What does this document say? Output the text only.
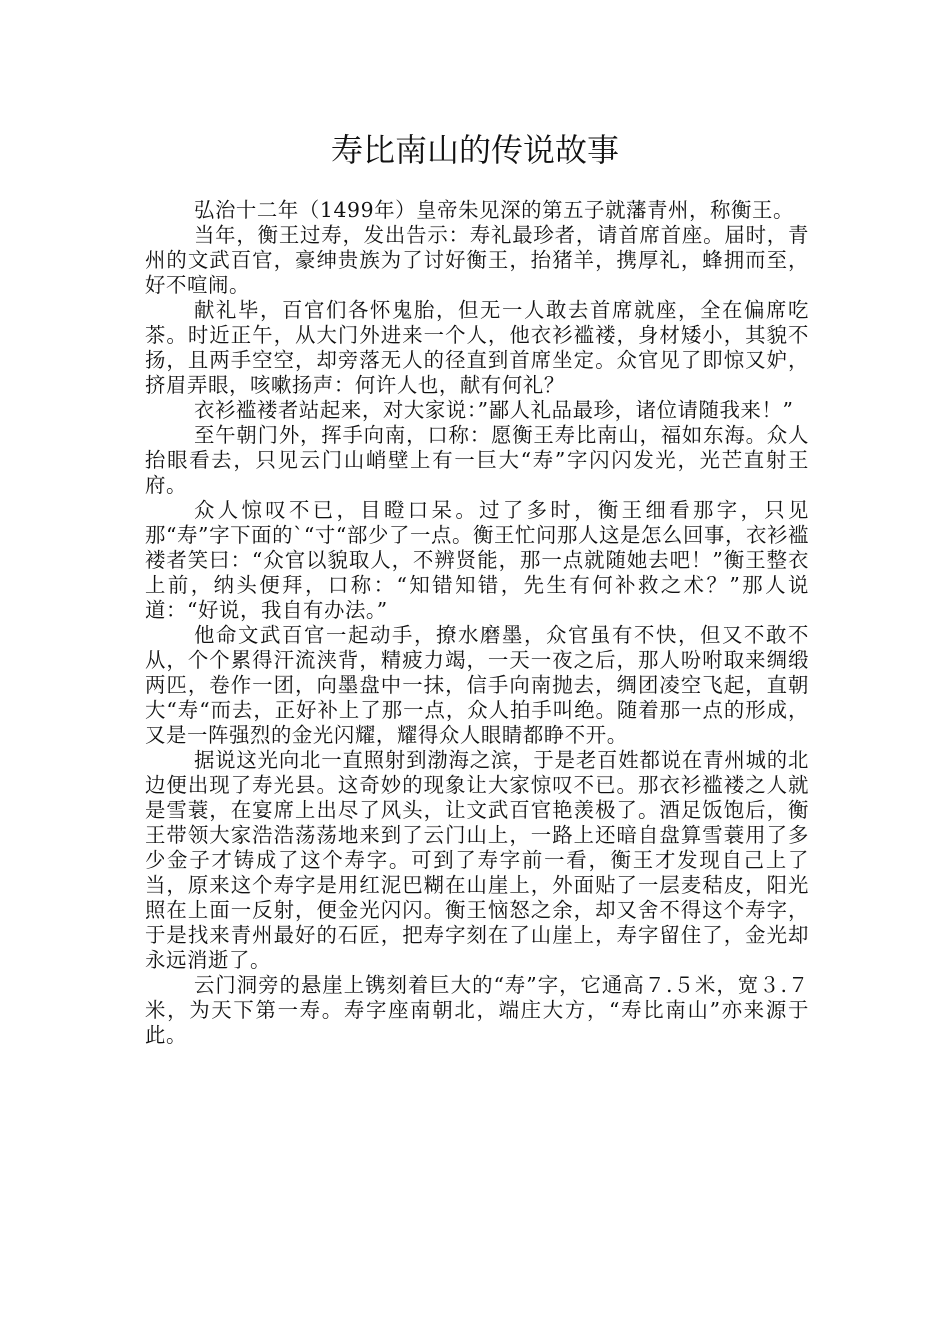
寿比南山的传说故事

弘治十二年（1499年）皇帝朱见深的第五子就藩青州，称衡王。

当年，衡王过寿，发出告示：寿礼最珍者，请首席首座。届时，青州的文武百官，豪绅贵族为了讨好衡王，抬猪羊，携厚礼，蜂拥而至，好不喧闹。

献礼毕，百官们各怀鬼胎，但无一人敢去首席就座，全在偏席吃茶。时近正午，从大门外进来一个人，他衣衫褴褛，身材矮小，其貌不扬，且两手空空，却旁落无人的径直到首席坐定。众官见了即惊又妒，挤眉弄眼，咳嗽扬声：何许人也，献有何礼？

衣衫褴褛者站起来，对大家说：”鄙人礼品最珍，诸位请随我来！”

至午朝门外，挥手向南，口称：愿衡王寿比南山，福如东海。众人抬眼看去，只见云门山峭壁上有一巨大“寿”字闪闪发光，光芒直射王府。

众人惊叹不已，目瞪口呆。过了多时，衡王细看那字，只见那“寿”字下面的`“寸“部少了一点。衡王忙问那人这是怎么回事，衣衫褴褛者笑曰：“众官以貌取人，不辨贤能，那一点就随她去吧！”衡王整衣上前，纳头便拜，口称：“知错知错，先生有何补救之术？”那人说道：“好说，我自有办法。”

他命文武百官一起动手，撩水磨墨，众官虽有不快，但又不敢不从，个个累得汗流浃背，精疲力竭，一天一夜之后，那人吩咐取来绸缎两匹，卷作一团，向墨盘中一抹，信手向南抛去，绸团凌空飞起，直朝大“寿“而去，正好补上了那一点，众人拍手叫绝。随着那一点的形成，又是一阵强烈的金光闪耀，耀得众人眼睛都睁不开。

据说这光向北一直照射到渤海之滨，于是老百姓都说在青州城的北边便出现了寿光县。这奇妙的现象让大家惊叹不已。那衣衫褴褛之人就是雪蓑，在宴席上出尽了风头，让文武百官艳羡极了。酒足饭饱后，衡王带领大家浩浩荡荡地来到了云门山上，一路上还暗自盘算雪蓑用了多少金子才铸成了这个寿字。可到了寿字前一看，衡王才发现自己上了当，原来这个寿字是用红泥巴糊在山崖上，外面贴了一层麦秸皮，阳光照在上面一反射，便金光闪闪。衡王恼怒之余，却又舍不得这个寿字，于是找来青州最好的石匠，把寿字刻在了山崖上，寿字留住了，金光却永远消逝了。

云门洞旁的悬崖上镌刻着巨大的“寿”字，它通高７.５米，宽３.７米，为天下第一寿。寿字座南朝北，端庄大方，“寿比南山”亦来源于此。
